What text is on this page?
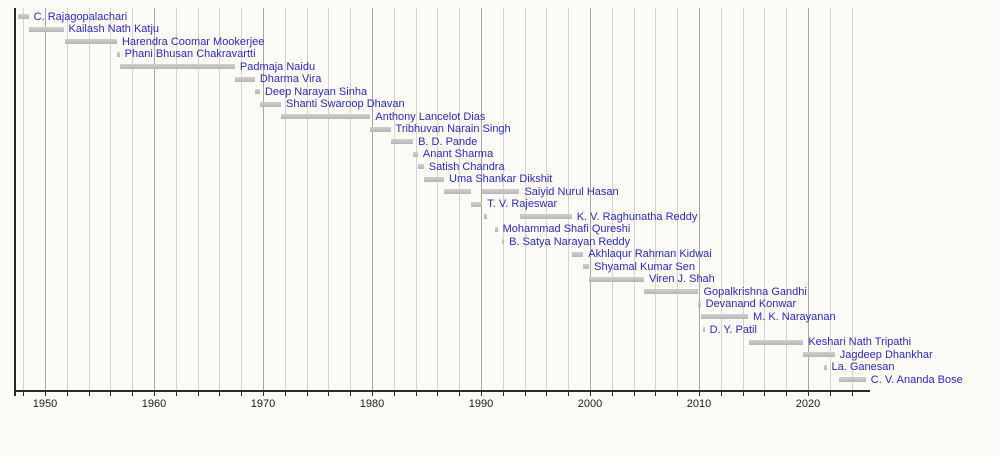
1950	1960	1970	1980	1990	2000	2010	2020
C. Rajagopalachari
Kailash Nath Katju
Harendra Coomar Mookerjee
Phani Bhusan Chakravartti
Padmaja Naidu
Dharma Vira
Deep Narayan Sinha
Shanti Swaroop Dhavan
Anthony Lancelot Dias
Tribhuvan Narain Singh
B. D. Pande
Anant Sharma
Satish Chandra
Uma Shankar Dikshit
Saiyid Nurul Hasan
T. V. Rajeswar
K. V. Raghunatha Reddy
Mohammad Shafi Qureshi
B. Satya Narayan Reddy
Akhlaqur Rahman Kidwai
Shyamal Kumar Sen
Viren J. Shah
Gopalkrishna Gandhi
Devanand Konwar
M. K. Narayanan
D. Y. Patil
Keshari Nath Tripathi
Jagdeep Dhankhar
La. Ganesan
C. V. Ananda Bose
